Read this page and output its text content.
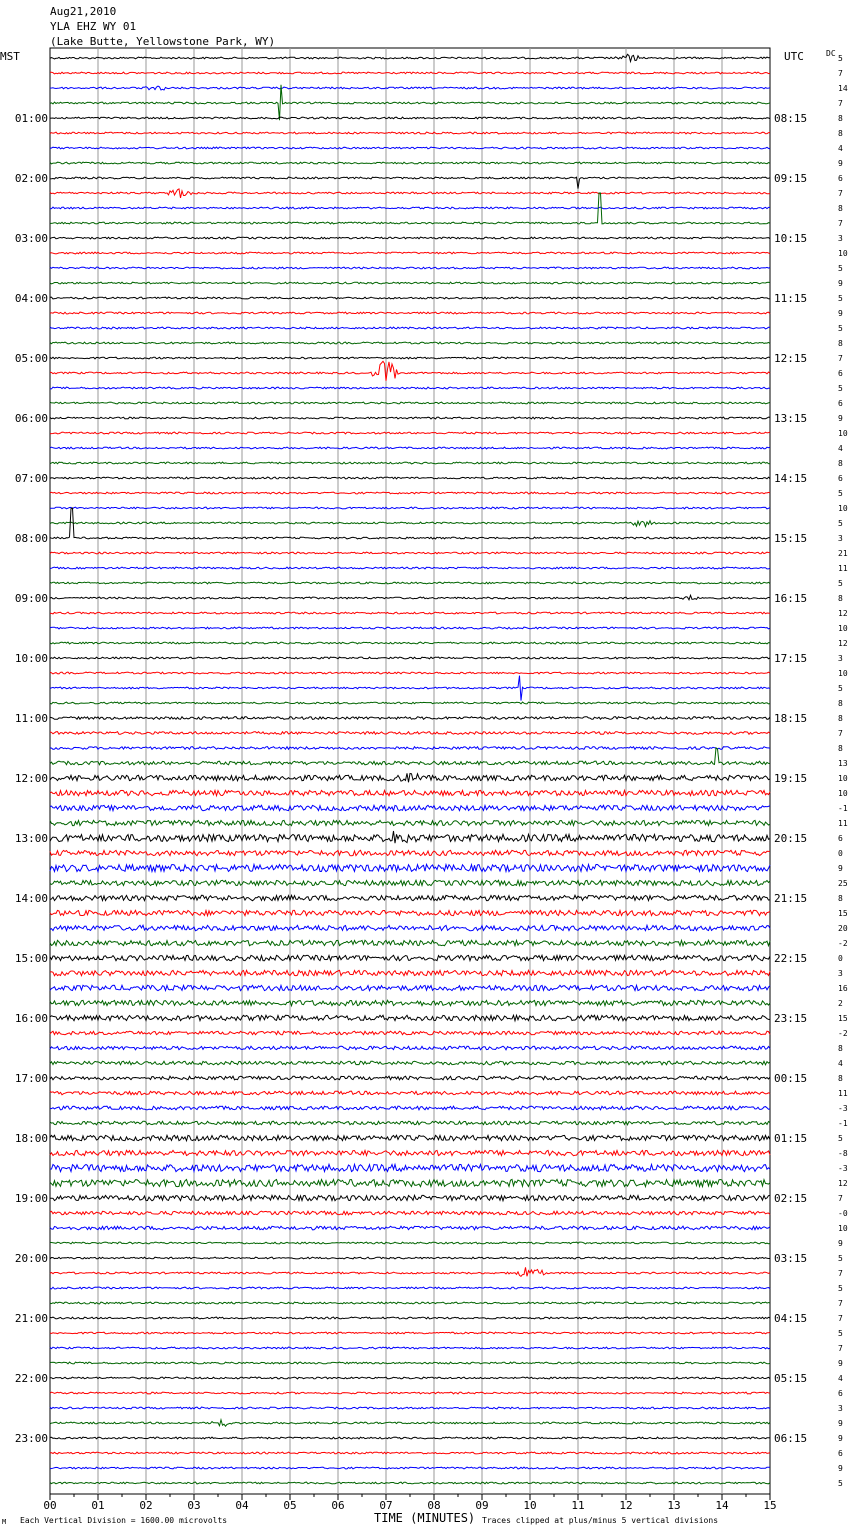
Aug21,2010
YLA EHZ WY 01
(Lake Butte, Yellowstone Park, WY)
MST	UTC	DC
00	01	02	03	04	05	06	07	08	09	10	11	12	13	14	15
5
7
14
7
8
8
4
9
6
7
8
7
3
10
5
9
5
9
5
8
7
6
5
6
9
10
4
8
6
5
10
5
3
21
11
5
8
12
10
12
3
10
5
8
8
7
8
13
10
10
-1
11
6
0
9
25
8
15
20
-2
0
3
16
2
15
-2
8
4
8
11
-3
-1
5
-8
-3
12
7
-0
10
9
5
7
5
7
7
5
7
9
4
6
3
9
9
6
9
5
01:00
02:00
03:00
04:00
05:00
06:00
07:00
08:00
09:00
10:00
11:00
12:00
13:00
14:00
15:00
16:00
17:00
18:00
19:00
20:00
21:00
22:00
23:00
08:15
09:15
10:15
11:15
12:15
13:15
14:15
15:15
16:15
17:15
18:15
19:15
20:15
21:15
22:15
23:15
00:15
01:15
02:15
03:15
04:15
05:15
06:15
TIME (MINUTES)
Each Vertical Division = 1600.00 microvolts	Traces clipped at plus/minus 5 vertical divisions
M
